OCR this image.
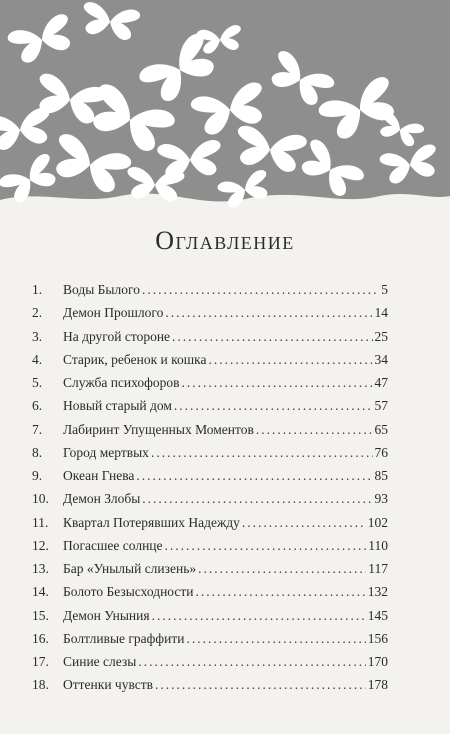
Оглавление
1.	Воды Былого .....	5
2.	Демон Прошлого .....	14
3.	На другой стороне .....	25
4.	Старик, ребенок и кошка .....	34
5.	Служба психофоров .....	47
6.	Новый старый дом .....	57
7.	Лабиринт Упущенных Моментов .....	65
8.	Город мертвых .....	76
9.	Океан Гнева .....	85
10.	Демон Злобы .....	93
11.	Квартал Потерявших Надежду .....	102
12.	Погасшее солнце .....	110
13.	Бар «Унылый слизень» .....	117
14.	Болото Безысходности .....	132
15.	Демон Уныния .....	145
16.	Болтливые граффити .....	156
17.	Синие слезы .....	170
18.	Оттенки чувств .....	178
